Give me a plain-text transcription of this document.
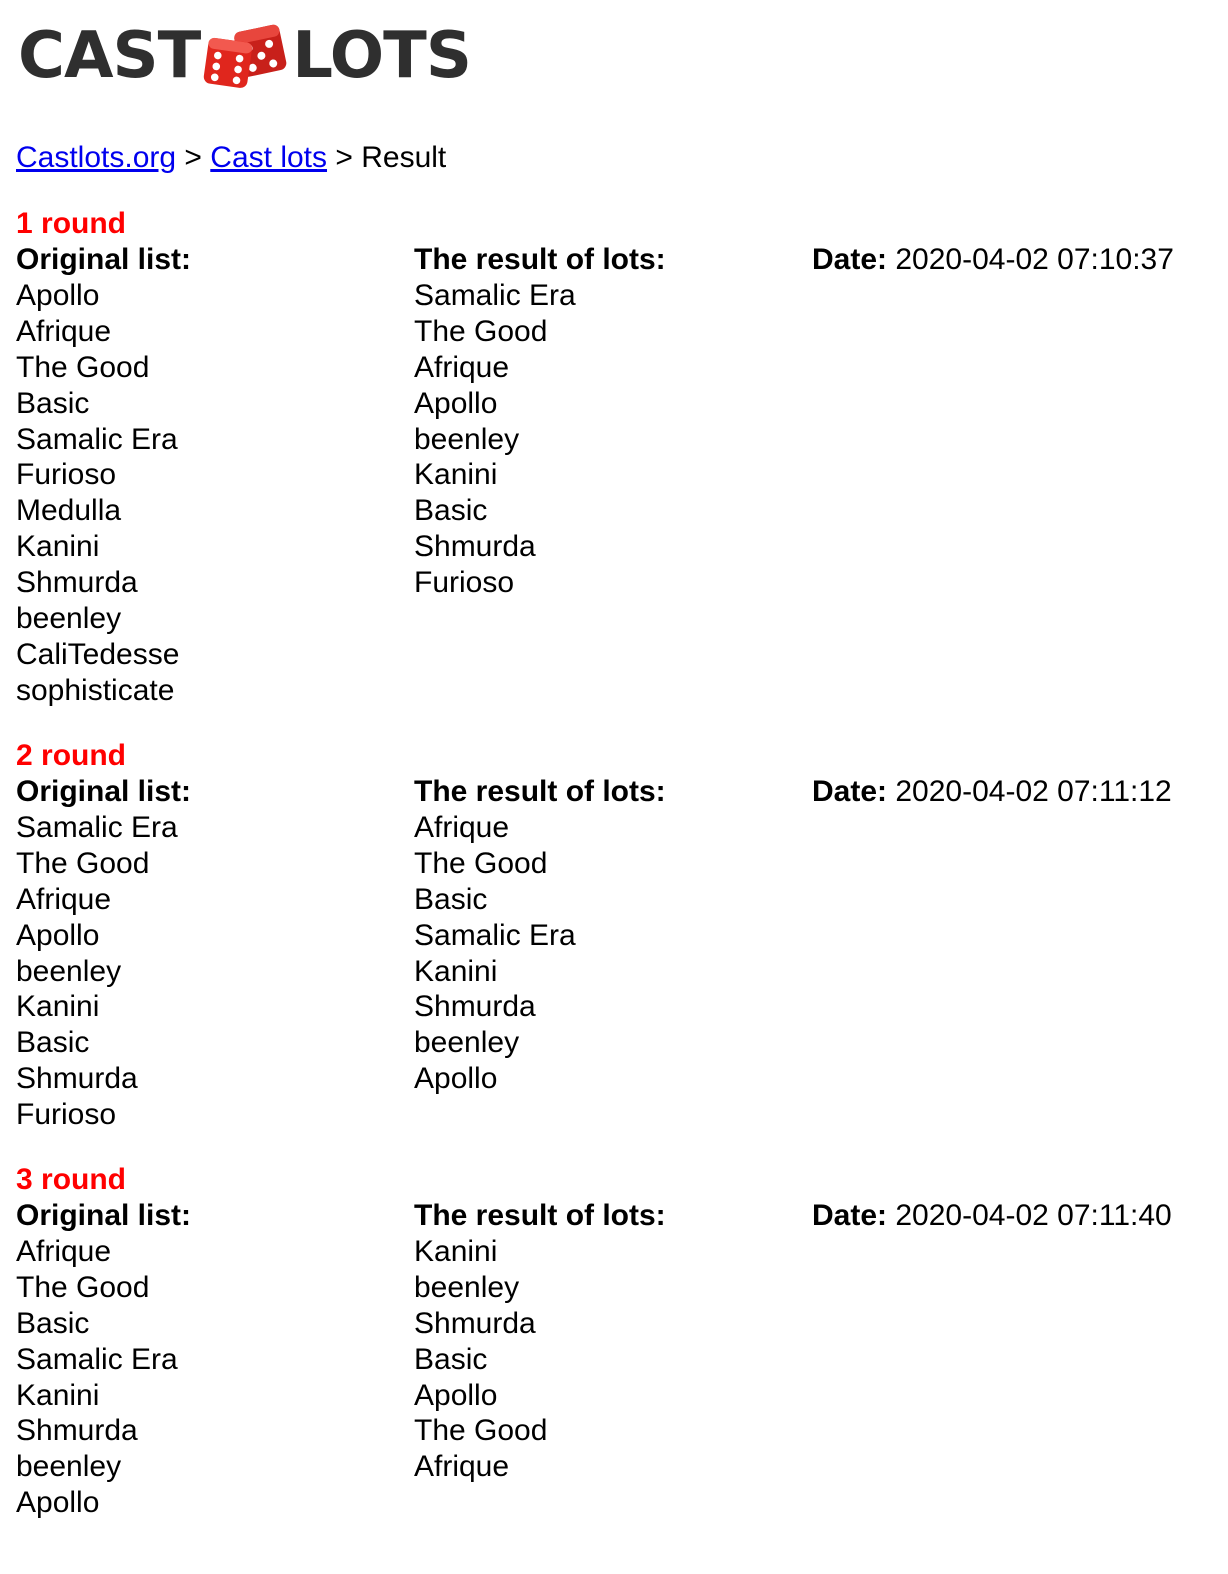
CAST LOTS
Castlots.org > Cast lots > Result
1 round
Original list:
Apollo
Afrique
The Good
Basic
Samalic Era
Furioso
Medulla
Kanini
Shmurda
beenley
CaliTedesse
sophisticate
The result of lots:
Samalic Era
The Good
Afrique
Apollo
beenley
Kanini
Basic
Shmurda
Furioso
Date: 2020-04-02 07:10:37
2 round
Original list:
Samalic Era
The Good
Afrique
Apollo
beenley
Kanini
Basic
Shmurda
Furioso
The result of lots:
Afrique
The Good
Basic
Samalic Era
Kanini
Shmurda
beenley
Apollo
Date: 2020-04-02 07:11:12
3 round
Original list:
Afrique
The Good
Basic
Samalic Era
Kanini
Shmurda
beenley
Apollo
The result of lots:
Kanini
beenley
Shmurda
Basic
Apollo
The Good
Afrique
Date: 2020-04-02 07:11:40
